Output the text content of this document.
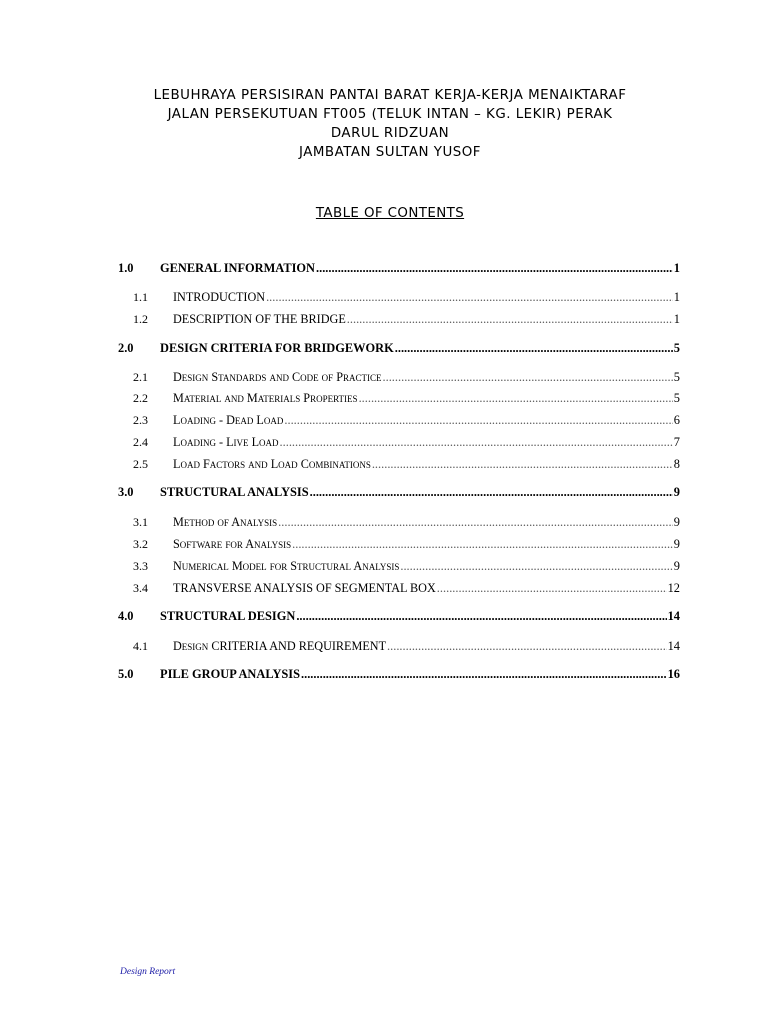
LEBUHRAYA PERSISIRAN PANTAI BARAT KERJA-KERJA MENAIKTARAF
JALAN PERSEKUTUAN FT005 (TELUK INTAN – KG. LEKIR) PERAK
DARUL RIDZUAN
JAMBATAN SULTAN YUSOF
TABLE OF CONTENTS
1.0	GENERAL INFORMATION .....	1
1.1	INTRODUCTION .....	1
1.2	DESCRIPTION OF THE BRIDGE .....	1
2.0	DESIGN CRITERIA FOR BRIDGEWORK .....	5
2.1	Design Standards and Code of Practice .....	5
2.2	Material and Materials Properties .....	5
2.3	Loading - Dead Load .....	6
2.4	Loading - Live Load .....	7
2.5	Load Factors and Load Combinations .....	8
3.0	STRUCTURAL ANALYSIS .....	9
3.1	Method of Analysis .....	9
3.2	Software for Analysis .....	9
3.3	Numerical Model for Structural Analysis .....	9
3.4	TRANSVERSE ANALYSIS OF SEGMENTAL BOX .....	12
4.0	STRUCTURAL DESIGN .....	14
4.1	Design CRITERIA AND REQUIREMENT .....	14
5.0	PILE GROUP ANALYSIS .....	16
Design Report
